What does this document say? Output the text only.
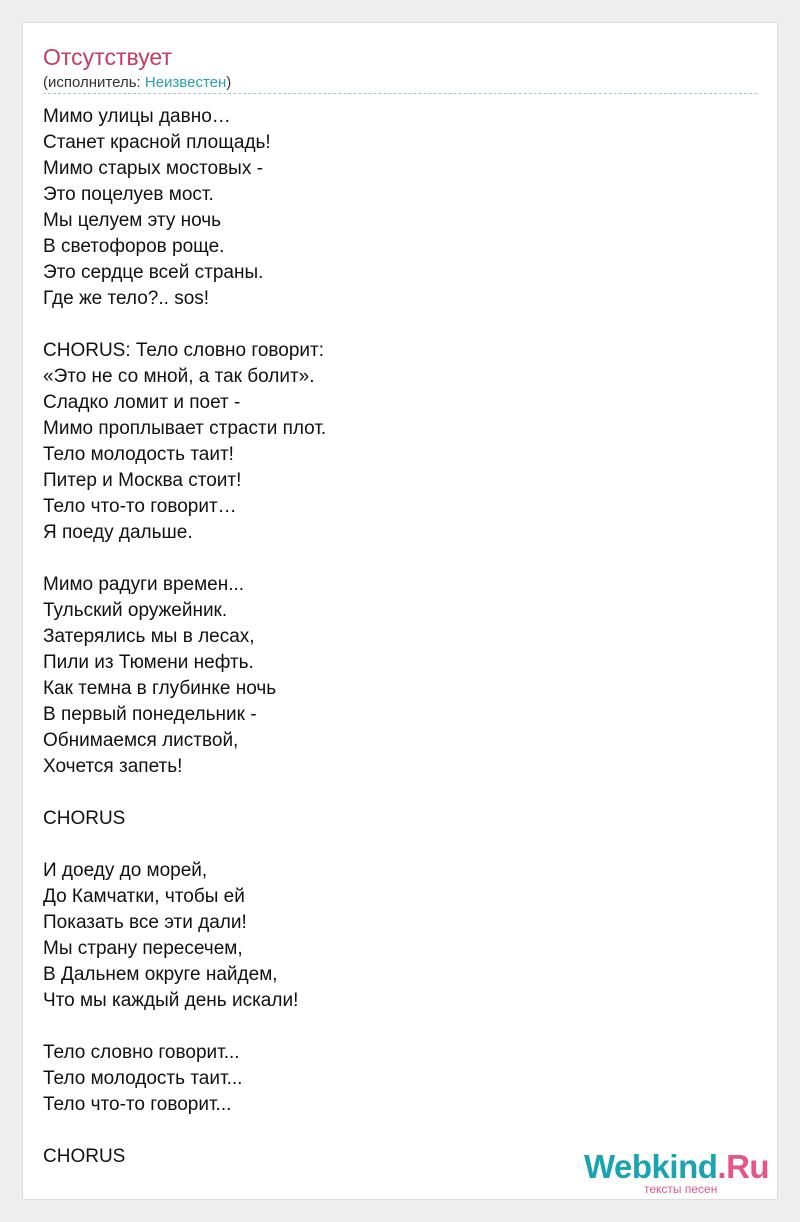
Отсутствует
(исполнитель: Неизвестен)
Мимо улицы давно…
Станет красной площадь!
Мимо старых мостовых -
Это поцелуев мост.
Мы целуем эту ночь
В светофоров роще.
Это сердце всей страны.
Где же тело?.. sos!
CHORUS: Тело словно говорит:
«Это не со мной, а так болит».
Сладко ломит и поет -
Мимо проплывает страсти плот.
Тело молодость таит!
Питер и Москва стоит!
Тело что-то говорит…
Я поеду дальше.
Мимо радуги времен...
Тульский оружейник.
Затерялись мы в лесах,
Пили из Тюмени нефть.
Как темна в глубинке ночь
В первый понедельник -
Обнимаемся листвой,
Хочется запеть!
CHORUS
И доеду до морей,
До Камчатки, чтобы ей
Показать все эти дали!
Мы страну пересечем,
В Дальнем округе найдем,
Что мы каждый день искали!
Тело словно говорит...
Тело молодость таит...
Тело что-то говорит...
CHORUS	Webkind.Ru
тексты песен
